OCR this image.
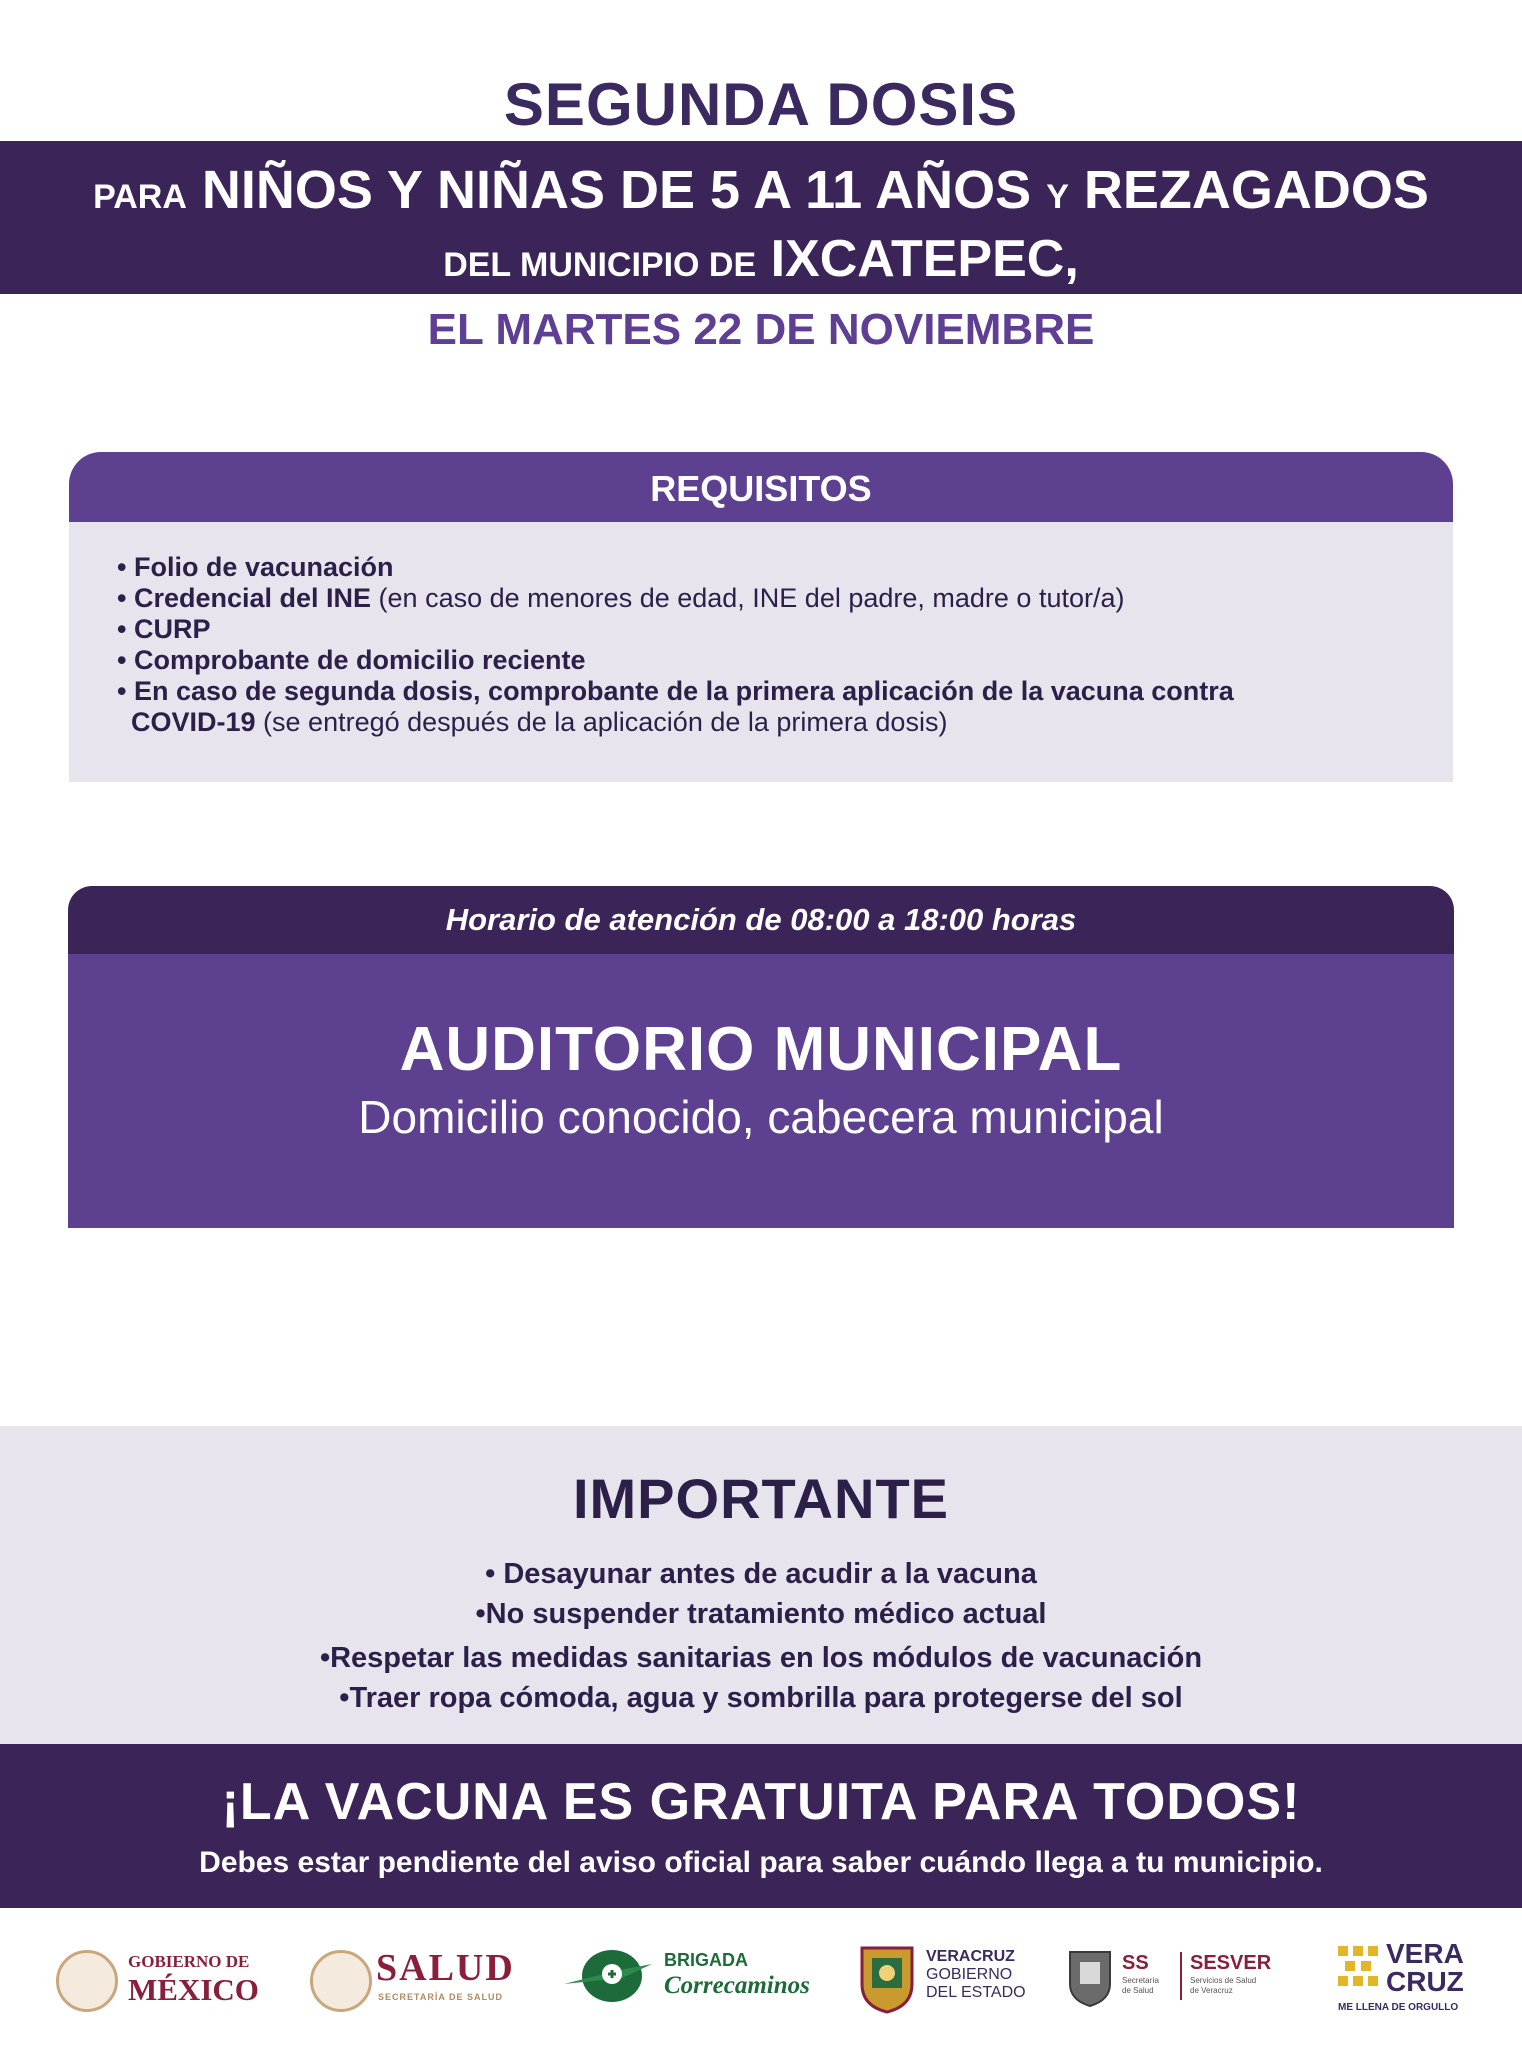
SEGUNDA DOSIS
PARA NIÑOS Y NIÑAS DE 5 A 11 AÑOS Y REZAGADOS
DEL MUNICIPIO DE IXCATEPEC,
EL MARTES 22 DE NOVIEMBRE
REQUISITOS
• Folio de vacunación
• Credencial del INE (en caso de menores de edad, INE del padre, madre o tutor/a)
• CURP
• Comprobante de domicilio reciente
• En caso de segunda dosis, comprobante de la primera aplicación de la vacuna contra
COVID-19 (se entregó después de la aplicación de la primera dosis)
Horario de atención de 08:00 a 18:00 horas
AUDITORIO MUNICIPAL
Domicilio conocido, cabecera municipal
IMPORTANTE
• Desayunar antes de acudir a la vacuna
•No suspender tratamiento médico actual
•Respetar las medidas sanitarias en los módulos de vacunación
•Traer ropa cómoda, agua y sombrilla para protegerse del sol
¡LA VACUNA ES GRATUITA PARA TODOS!
Debes estar pendiente del aviso oficial para saber cuándo llega a tu municipio.
GOBIERNO DE
MÉXICO
SALUD
SECRETARÍA DE SALUD
BRIGADA
Correcaminos
VERACRUZ
GOBIERNO
DEL ESTADO
SS
Secretaría
de Salud
SESVER
Servicios de Salud
de Veracruz
VERA
CRUZ
ME LLENA DE ORGULLO
